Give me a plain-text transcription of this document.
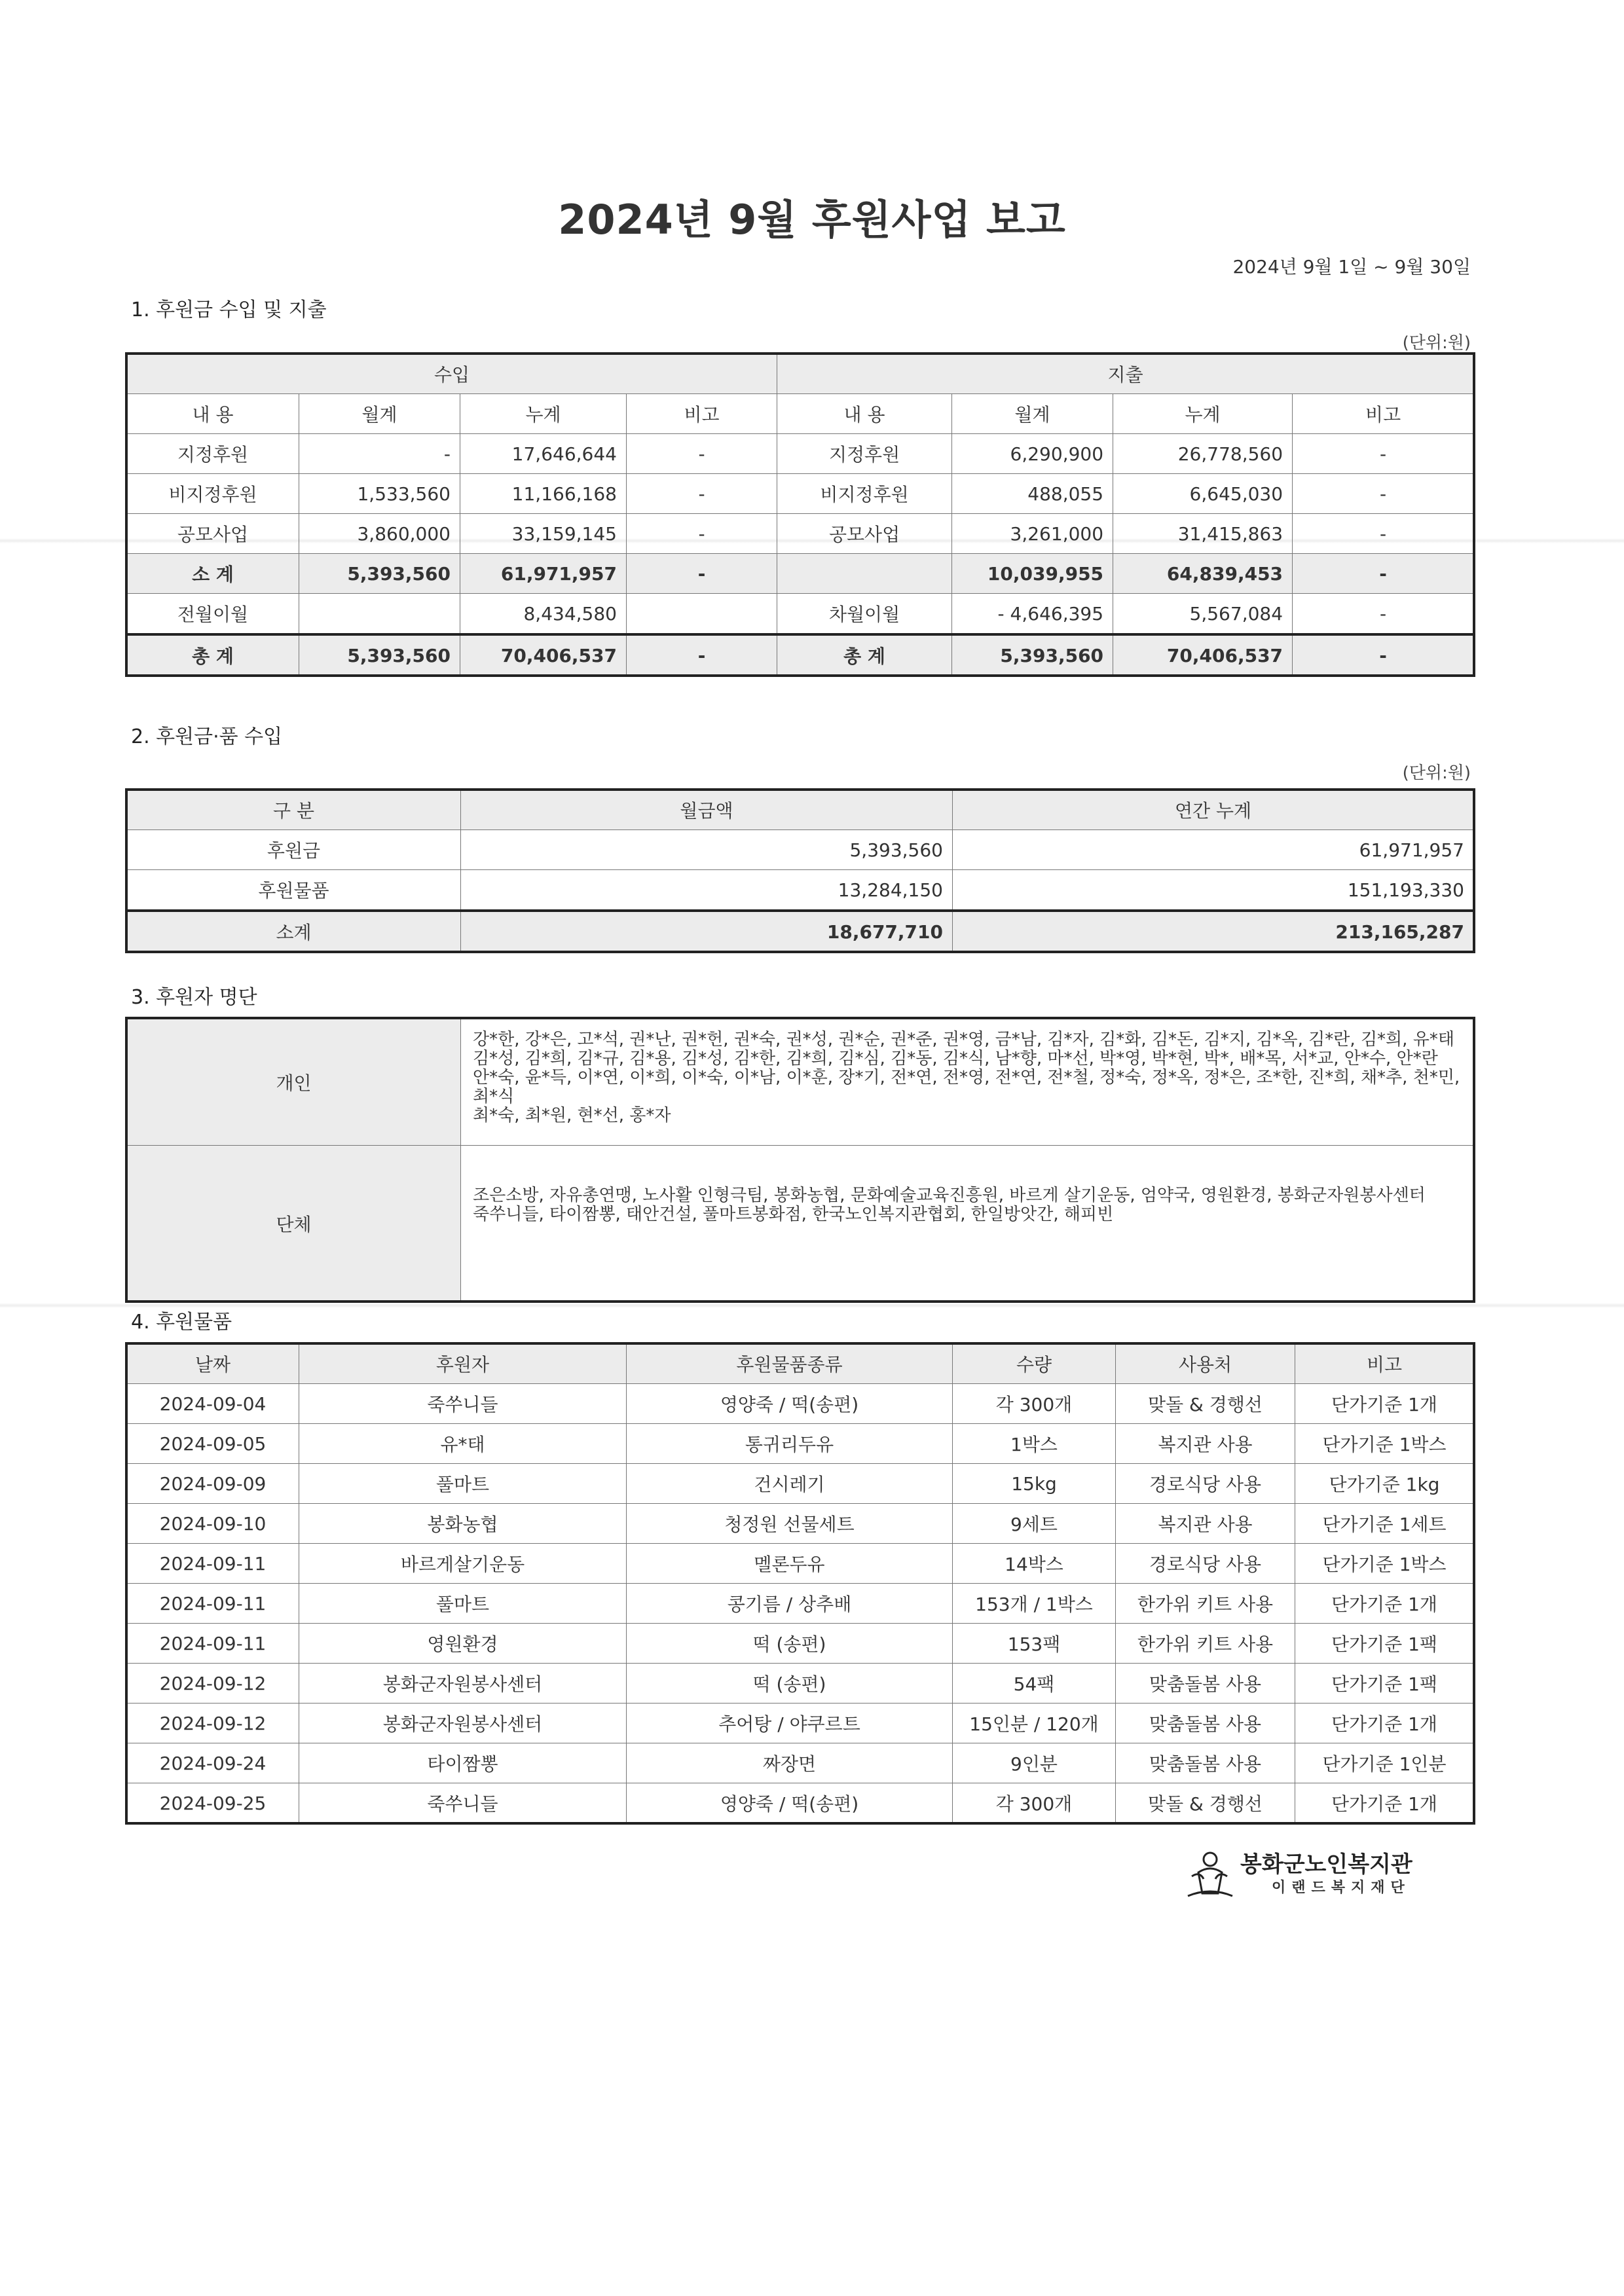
2024년 9월 후원사업 보고
2024년 9월 1일 ~ 9월 30일
1. 후원금 수입 및 지출
(단위:원)
수입				지출			
내 용	월계	누계	비고	내 용	월계	누계	비고
지정후원	-	17,646,644	-	지정후원	6,290,900	26,778,560	-
비지정후원	1,533,560	11,166,168	-	비지정후원	488,055	6,645,030	-
공모사업	3,860,000	33,159,145	-	공모사업	3,261,000	31,415,863	-
소 계	5,393,560	61,971,957	-		10,039,955	64,839,453	-
전월이월		8,434,580		차월이월	- 4,646,395	5,567,084	-
총 계	5,393,560	70,406,537	-	총 계	5,393,560	70,406,537	-
2. 후원금·품 수입
(단위:원)
구 분	월금액	연간 누계
후원금	5,393,560	61,971,957
후원물품	13,284,150	151,193,330
소계	18,677,710	213,165,287
3. 후원자 명단
개인	강*한, 강*은, 고*석, 권*난, 권*헌, 권*숙, 권*성, 권*순, 권*준, 권*영, 금*남, 김*자, 김*화, 김*돈, 김*지, 김*옥, 김*란, 김*희, 유*태
김*성, 김*희, 김*규, 김*용, 김*성, 김*한, 김*희, 김*심, 김*동, 김*식, 남*향, 마*선, 박*영, 박*현, 박*, 배*목, 서*교, 안*수, 안*란
안*숙, 윤*득, 이*연, 이*희, 이*숙, 이*남, 이*훈, 장*기, 전*연, 전*영, 전*연, 전*철, 정*숙, 정*옥, 정*은, 조*한, 진*희, 채*추, 천*민, 최*식
최*숙, 최*원, 현*선, 홍*자

단체	조은소방, 자유총연맹, 노사활 인형극팀, 봉화농협, 문화예술교육진흥원, 바르게 살기운동, 엄약국, 영원환경, 봉화군자원봉사센터
죽쑤니들, 타이짬뽕, 태안건설, 풀마트봉화점, 한국노인복지관협회, 한일방앗간, 해피빈
4. 후원물품
날짜	후원자	후원물품종류	수량	사용처	비고
2024-09-04	죽쑤니들	영양죽 / 떡(송편)	각 300개	맞돌 & 경행선	단가기준 1개
2024-09-05	유*태	통귀리두유	1박스	복지관 사용	단가기준 1박스
2024-09-09	풀마트	건시레기	15kg	경로식당 사용	단가기준 1kg
2024-09-10	봉화농협	청정원 선물세트	9세트	복지관 사용	단가기준 1세트
2024-09-11	바르게살기운동	멜론두유	14박스	경로식당 사용	단가기준 1박스
2024-09-11	풀마트	콩기름 / 상추배	153개 / 1박스	한가위 키트 사용	단가기준 1개
2024-09-11	영원환경	떡 (송편)	153팩	한가위 키트 사용	단가기준 1팩
2024-09-12	봉화군자원봉사센터	떡 (송편)	54팩	맞춤돌봄 사용	단가기준 1팩
2024-09-12	봉화군자원봉사센터	추어탕 / 야쿠르트	15인분 / 120개	맞춤돌봄 사용	단가기준 1개
2024-09-24	타이짬뽕	짜장면	9인분	맞춤돌봄 사용	단가기준 1인분
2024-09-25	죽쑤니들	영양죽 / 떡(송편)	각 300개	맞돌 & 경행선	단가기준 1개
봉화군노인복지관
이랜드복지재단
